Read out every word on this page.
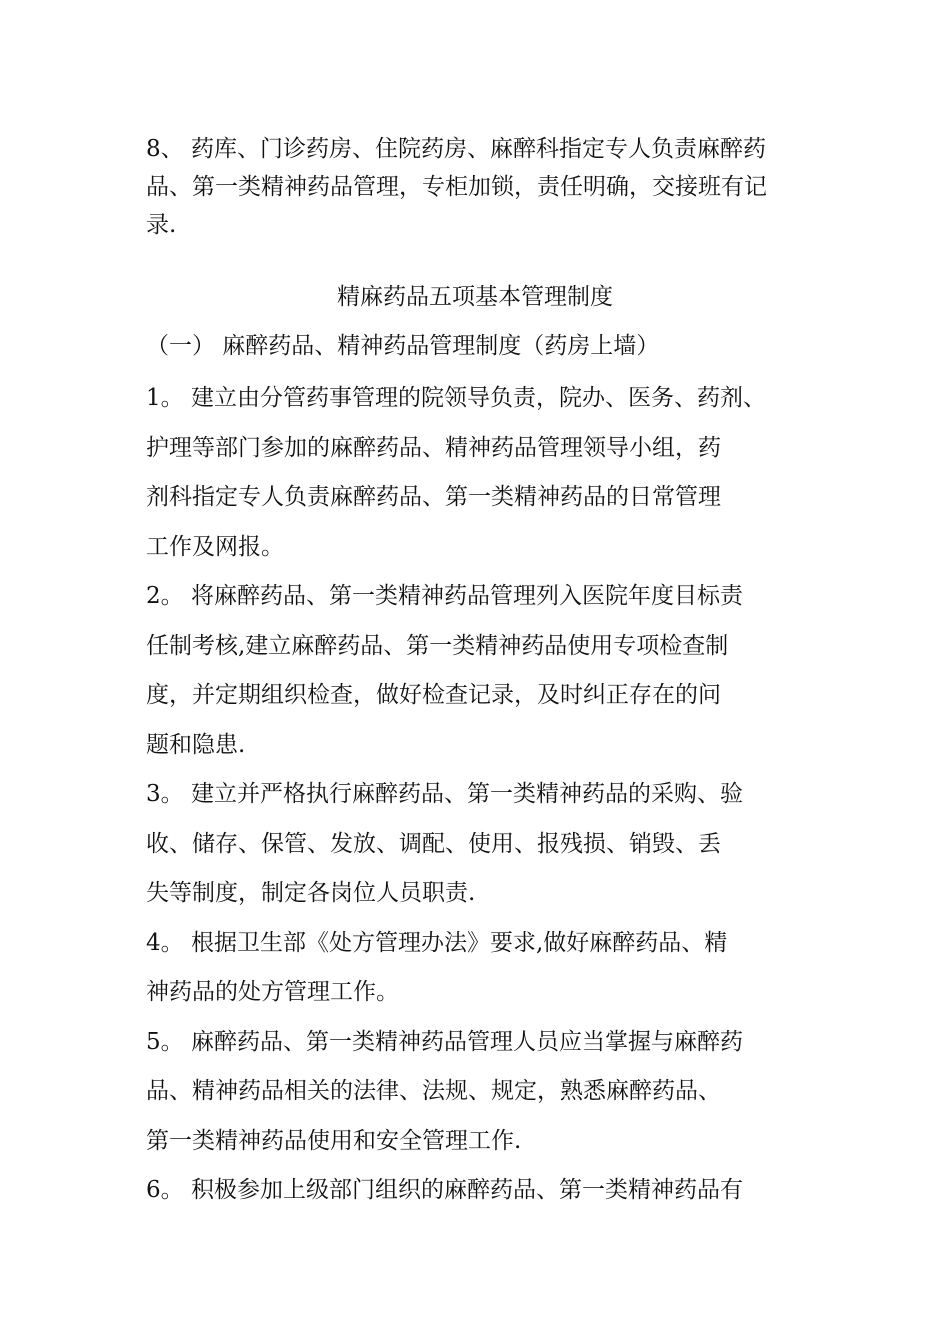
8、 药库、门诊药房、住院药房、麻醉科指定专人负责麻醉药
品、第一类精神药品管理，专柜加锁，责任明确，交接班有记
录.
精麻药品五项基本管理制度
（一） 麻醉药品、精神药品管理制度（药房上墙）
1。 建立由分管药事管理的院领导负责，院办、医务、药剂、
护理等部门参加的麻醉药品、精神药品管理领导小组，药
剂科指定专人负责麻醉药品、第一类精神药品的日常管理
工作及网报。
2。 将麻醉药品、第一类精神药品管理列入医院年度目标责
任制考核,建立麻醉药品、第一类精神药品使用专项检查制
度，并定期组织检查，做好检查记录，及时纠正存在的问
题和隐患.
3。 建立并严格执行麻醉药品、第一类精神药品的采购、验
收、储存、保管、发放、调配、使用、报残损、销毁、丢
失等制度，制定各岗位人员职责.
4。 根据卫生部《处方管理办法》要求,做好麻醉药品、精
神药品的处方管理工作。
5。 麻醉药品、第一类精神药品管理人员应当掌握与麻醉药
品、精神药品相关的法律、法规、规定，熟悉麻醉药品、
第一类精神药品使用和安全管理工作.
6。 积极参加上级部门组织的麻醉药品、第一类精神药品有
